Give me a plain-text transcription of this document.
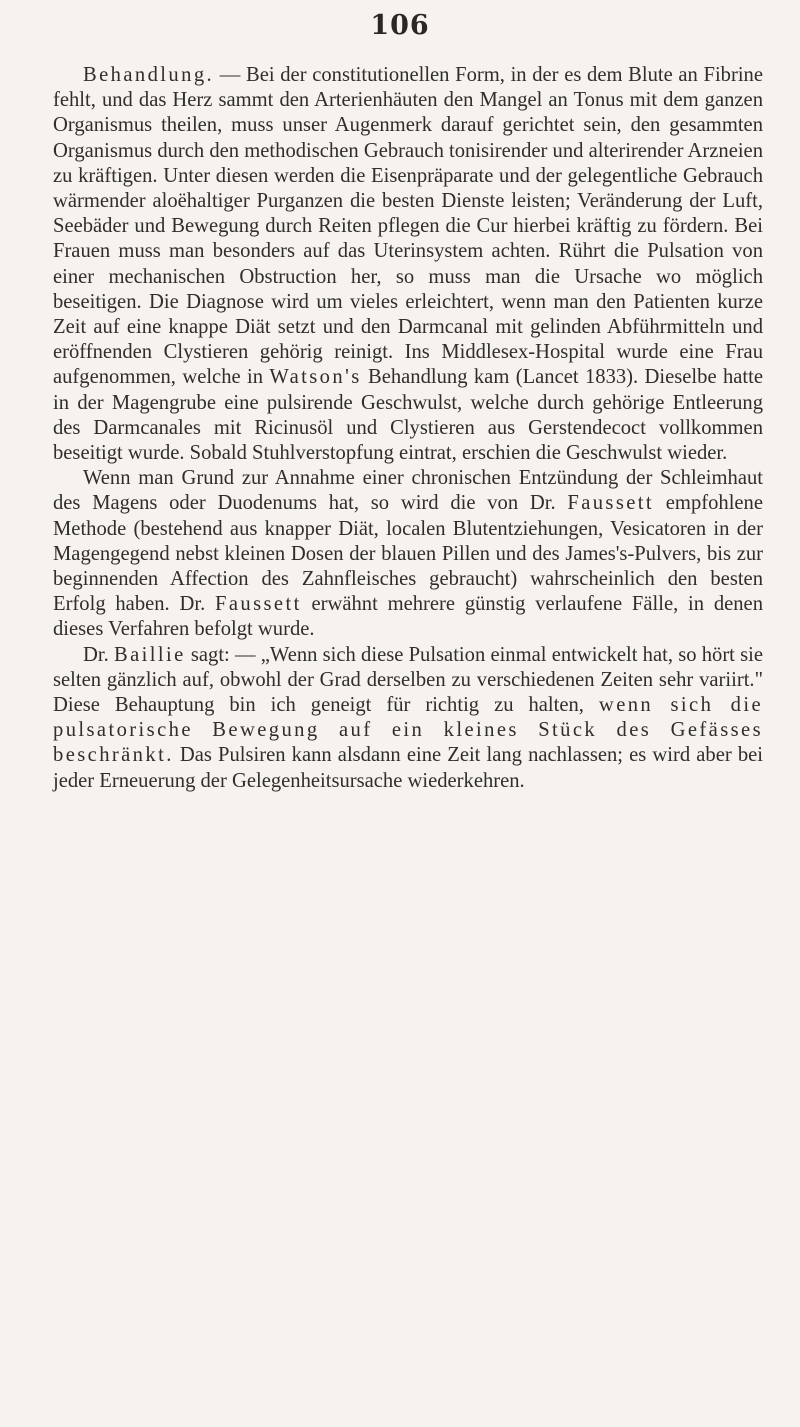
106

Behandlung. — Bei der constitutionellen Form, in der es dem Blute an Fibrine fehlt, und das Herz sammt den Arterienhäuten den Mangel an Tonus mit dem ganzen Organismus theilen, muss unser Augenmerk darauf gerichtet sein, den gesammten Organismus durch den methodischen Gebrauch tonisirender und alterirender Arzneien zu kräftigen. Unter diesen werden die Eisenpräparate und der gelegentliche Gebrauch wärmender aloëhaltiger Purganzen die besten Dienste leisten; Veränderung der Luft, Seebäder und Bewegung durch Reiten pflegen die Cur hierbei kräftig zu fördern. Bei Frauen muss man besonders auf das Uterinsystem achten. Rührt die Pulsation von einer mechanischen Obstruction her, so muss man die Ursache wo möglich beseitigen. Die Diagnose wird um vieles erleichtert, wenn man den Patienten kurze Zeit auf eine knappe Diät setzt und den Darmcanal mit gelinden Abführmitteln und eröffnenden Clystieren gehörig reinigt. Ins Middlesex-Hospital wurde eine Frau aufgenommen, welche in Watson's Behandlung kam (Lancet 1833). Dieselbe hatte in der Magengrube eine pulsirende Geschwulst, welche durch gehörige Entleerung des Darmcanales mit Ricinusöl und Clystieren aus Gerstendecoct vollkommen beseitigt wurde. Sobald Stuhlverstopfung eintrat, erschien die Geschwulst wieder.

Wenn man Grund zur Annahme einer chronischen Entzündung der Schleimhaut des Magens oder Duodenums hat, so wird die von Dr. Faussett empfohlene Methode (bestehend aus knapper Diät, localen Blutentziehungen, Vesicatoren in der Magengegend nebst kleinen Dosen der blauen Pillen und des James's-Pulvers, bis zur beginnenden Affection des Zahnfleisches gebraucht) wahrscheinlich den besten Erfolg haben. Dr. Faussett erwähnt mehrere günstig verlaufene Fälle, in denen dieses Verfahren befolgt wurde.

Dr. Baillie sagt: — „Wenn sich diese Pulsation einmal entwickelt hat, so hört sie selten gänzlich auf, obwohl der Grad derselben zu verschiedenen Zeiten sehr variirt." Diese Behauptung bin ich geneigt für richtig zu halten, wenn sich die pulsatorische Bewegung auf ein kleines Stück des Gefässes beschränkt. Das Pulsiren kann alsdann eine Zeit lang nachlassen; es wird aber bei jeder Erneuerung der Gelegenheitsursache wiederkehren.
